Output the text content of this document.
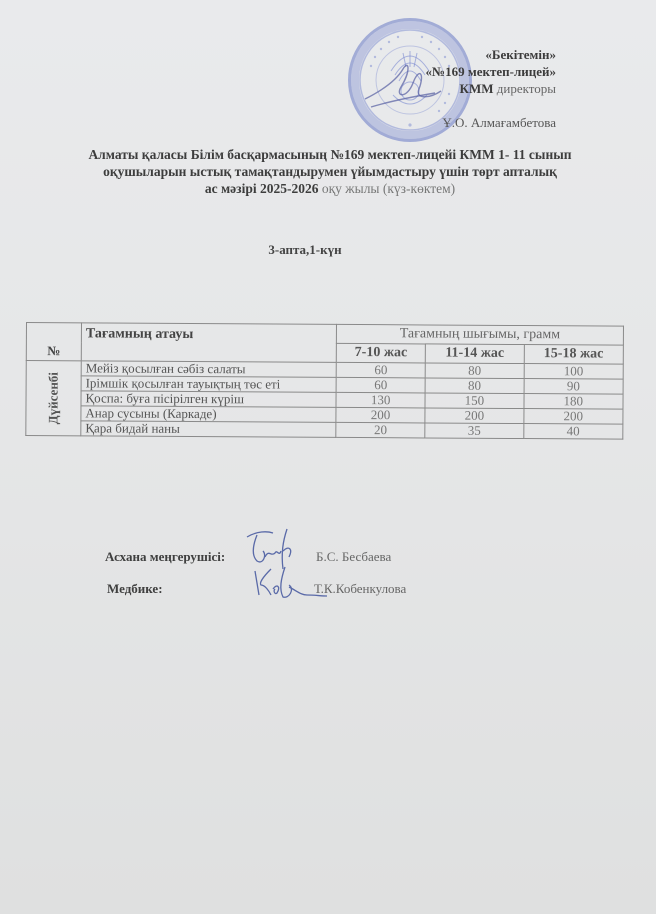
«Бекітемін»
«№169 мектеп-лицей»
КММ директоры
Ұ.О. Алмағамбетова
Алматы қаласы Білім басқармасының №169 мектеп-лицейі КММ 1- 11 сынып
оқушыларын ыстық тамақтандырумен үйымдастыру үшін төрт апталық
ас мәзірі 2025-2026 оқу жылы (күз-көктем)
3-апта,1-күн
№	Тағамның атауы	Тағамның шығымы, грамм		
		7-10 жас	11-14 жас	15-18 жас

Дүйсенбі	Мейіз қосылған сәбіз салаты	60	80	100
	Ірімшік қосылған тауықтың төс еті	60	80	90
	Қоспа: буға пісірілген күріш	130	150	180
	Анар сусыны (Каркаде)	200	200	200
	Қара бидай наны	20	35	40
Асхана меңгерушісі:	Б.С. Бесбаева
Медбике:	Т.К.Кобенкулова
